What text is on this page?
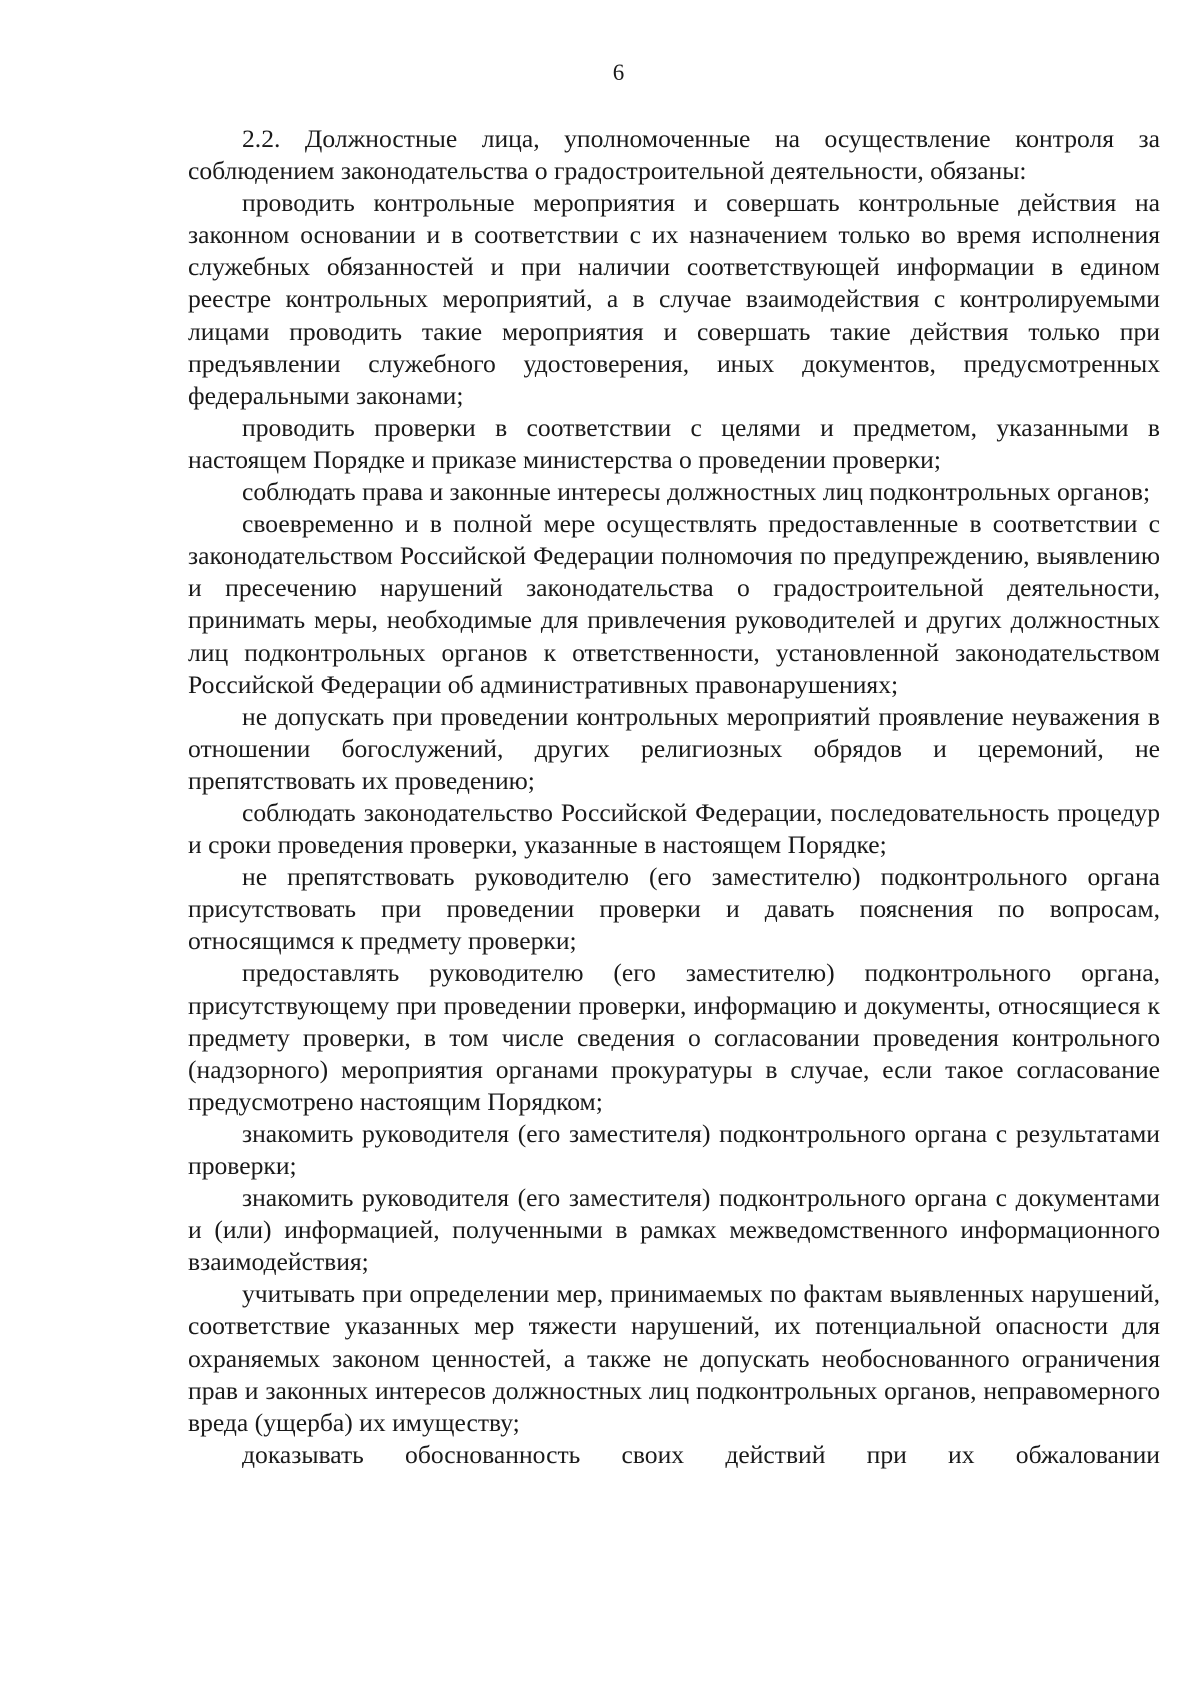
6

2.2. Должностные лица, уполномоченные на осуществление контроля за соблюдением законодательства о градостроительной деятельности, обязаны:

проводить контрольные мероприятия и совершать контрольные действия на законном основании и в соответствии с их назначением только во время исполнения служебных обязанностей и при наличии соответствующей информации в едином реестре контрольных мероприятий, а в случае взаимодействия с контролируемыми лицами проводить такие мероприятия и совершать такие действия только при предъявлении служебного удостоверения, иных документов, предусмотренных федеральными законами;

проводить проверки в соответствии с целями и предметом, указанными в настоящем Порядке и приказе министерства о проведении проверки;

соблюдать права и законные интересы должностных лиц подконтрольных органов;

своевременно и в полной мере осуществлять предоставленные в соответствии с законодательством Российской Федерации полномочия по предупреждению, выявлению и пресечению нарушений законодательства о градостроительной деятельности, принимать меры, необходимые для привлечения руководителей и других должностных лиц подконтрольных органов к ответственности, установленной законодательством Российской Федерации об административных правонарушениях;

не допускать при проведении контрольных мероприятий проявление неуважения в отношении богослужений, других религиозных обрядов и церемоний, не препятствовать их проведению;

соблюдать законодательство Российской Федерации, последовательность процедур и сроки проведения проверки, указанные в настоящем Порядке;

не препятствовать руководителю (его заместителю) подконтрольного органа присутствовать при проведении проверки и давать пояснения по вопросам, относящимся к предмету проверки;

предоставлять руководителю (его заместителю) подконтрольного органа, присутствующему при проведении проверки, информацию и документы, относящиеся к предмету проверки, в том числе сведения о согласовании проведения контрольного (надзорного) мероприятия органами прокуратуры в случае, если такое согласование предусмотрено настоящим Порядком;

знакомить руководителя (его заместителя) подконтрольного органа с результатами проверки;

знакомить руководителя (его заместителя) подконтрольного органа с документами и (или) информацией, полученными в рамках межведомственного информационного взаимодействия;

учитывать при определении мер, принимаемых по фактам выявленных нарушений, соответствие указанных мер тяжести нарушений, их потенциальной опасности для охраняемых законом ценностей, а также не допускать необоснованного ограничения прав и законных интересов должностных лиц подконтрольных органов, неправомерного вреда (ущерба) их имуществу;

доказывать обоснованность своих действий при их обжаловании
